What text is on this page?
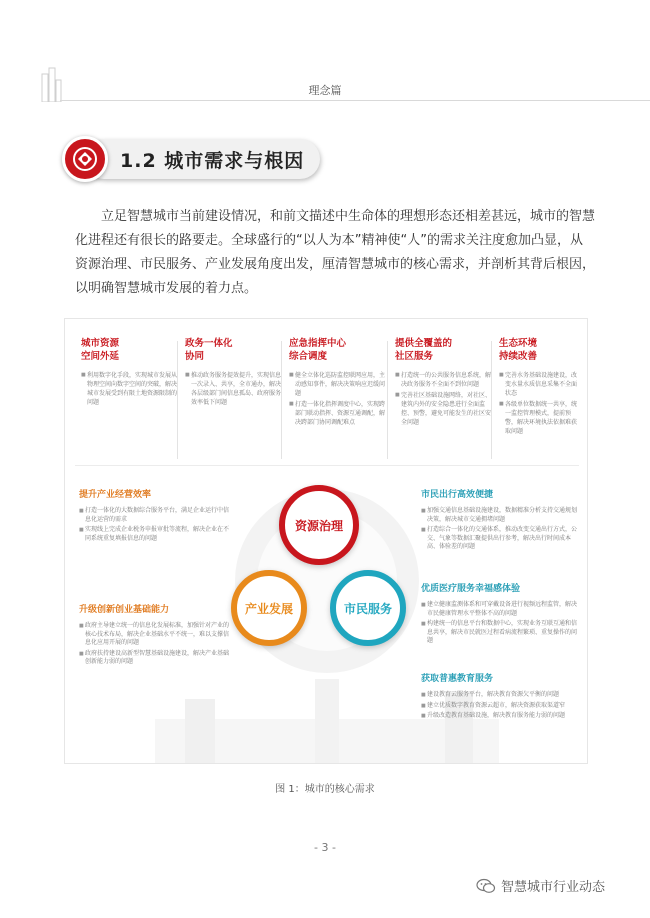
理念篇
1.2 城市需求与根因

立足智慧城市当前建设情况，和前文描述中生命体的理想形态还相差甚远，城市的智慧化进程还有很长的路要走。全球盛行的“以人为本”精神使“人”的需求关注度愈加凸显，从资源治理、市民服务、产业发展角度出发，厘清智慧城市的核心需求，并剖析其背后根因，以明确智慧城市发展的着力点。

城市资源
空间外延

■ 利用数字化手段，实现城市发展从物理空间向数字空间的突破，解决城市发展受到有限土地资源限制的问题

政务一体化
协同

■ 推动政务服务提效提升，实现信息一次录入、共享，全市通办，解决各层级部门间信息孤岛、政府服务效率低下问题

应急指挥中心
综合调度

■ 健全立体化巡防监控联网应用，主动感知事件，解决决策响应迟缓问题

■ 打造一体化指挥调度中心，实现跨部门联动指挥、资源互通调配，解决跨部门协同调配难点

提供全覆盖的
社区服务

■ 打造统一的公共服务信息系统，解决政务服务不全面不到位问题

■ 完善社区基础设施网络，对社区、建筑内外的安全隐患进行全面监控、预警，避免可能发生的社区安全问题

生态环境
持续改善

■ 完善水务基础设施建设，改变水量水质信息采集不全面状态

■ 各级单位数据统一共享，统一监控管理模式，提前预警，解决环境执法依据难获取问题

提升产业经营效率

■ 打造一体化的大数据综合服务平台，满足企业运行中信息化运营的需求

■ 实现线上完成企业税务申报审批等流程，解决企业在不同系统重复填报信息的问题

升级创新创业基础能力

■ 政府主导建立统一的信息化发展标准，加强针对产业的核心技术布局，解决企业基础水平不统一，难以支撑信息化应用开展的问题

■ 政府扶持建设高新型智慧基础设施建设，解决产业基础创新能力弱的问题

市民出行高效便捷

■ 加强交通信息基础设施建设，数据精准分析支持交通规划决策，解决城市交通拥堵问题

■ 打造综合一体化的交通体系，推动改变交通出行方式，公交、气象等数据汇聚提供出行参考，解决出行时间成本高、体验差的问题

优质医疗服务幸福感体验

■ 建立健康监测体系和可穿戴设备进行视频远程监管，解决市民健康管理水平整体不高的问题

■ 构建统一的信息平台和数据中心，实现业务互联互通和信息共享，解决市民就医过程看病流程繁琐、重复操作的问题

获取普惠教育服务

■ 建设教育云服务平台，解决教育资源欠平衡的问题

■ 建立优质数字教育资源云超市，解决资源获取渠道窄

■ 升级改造教育基础设施，解决教育服务能力弱的问题

资源治理
产业发展	市民服务
图 1：城市的核心需求
- 3 -
智慧城市行业动态
